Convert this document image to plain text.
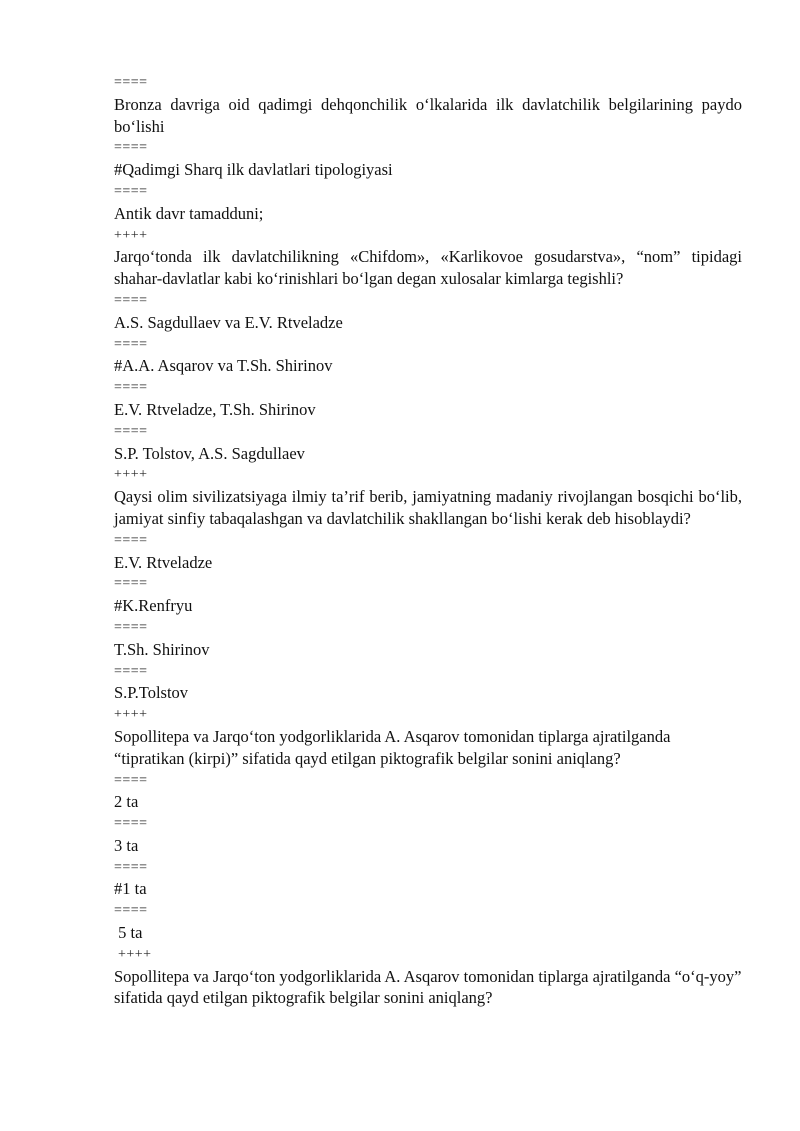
====
Bronza davriga oid qadimgi dehqonchilik o‘lkalarida ilk davlatchilik belgilarining paydo bo‘lishi
====
#Qadimgi Sharq ilk davlatlari tipologiyasi
====
Antik davr tamadduni;
++++
Jarqo‘tonda ilk davlatchilikning «Chifdom», «Karlikovoe gosudarstva», “nom” tipidagi shahar-davlatlar kabi ko‘rinishlari bo‘lgan degan xulosalar kimlarga tegishli?
====
A.S. Sagdullaev va E.V. Rtveladze
====
#A.A. Asqarov va T.Sh. Shirinov
====
E.V. Rtveladze, T.Sh. Shirinov
====
S.P. Tolstov, A.S. Sagdullaev
++++
Qaysi olim sivilizatsiyaga ilmiy ta’rif berib, jamiyatning madaniy rivojlangan bosqichi bo‘lib, jamiyat sinfiy tabaqalashgan va davlatchilik shakllangan bo‘lishi kerak deb hisoblaydi?
====
E.V. Rtveladze
====
#K.Renfryu
====
T.Sh. Shirinov
====
S.P.Tolstov
++++
Sopollitepa va Jarqo‘ton yodgorliklarida A. Asqarov tomonidan tiplarga ajratilganda “tipratikan (kirpi)” sifatida qayd etilgan piktografik belgilar sonini aniqlang?
====
2 ta
====
3 ta
====
#1 ta
====
5 ta
++++
Sopollitepa va Jarqo‘ton yodgorliklarida A. Asqarov tomonidan tiplarga ajratilganda “o‘q-yoy” sifatida qayd etilgan piktografik belgilar sonini aniqlang?
